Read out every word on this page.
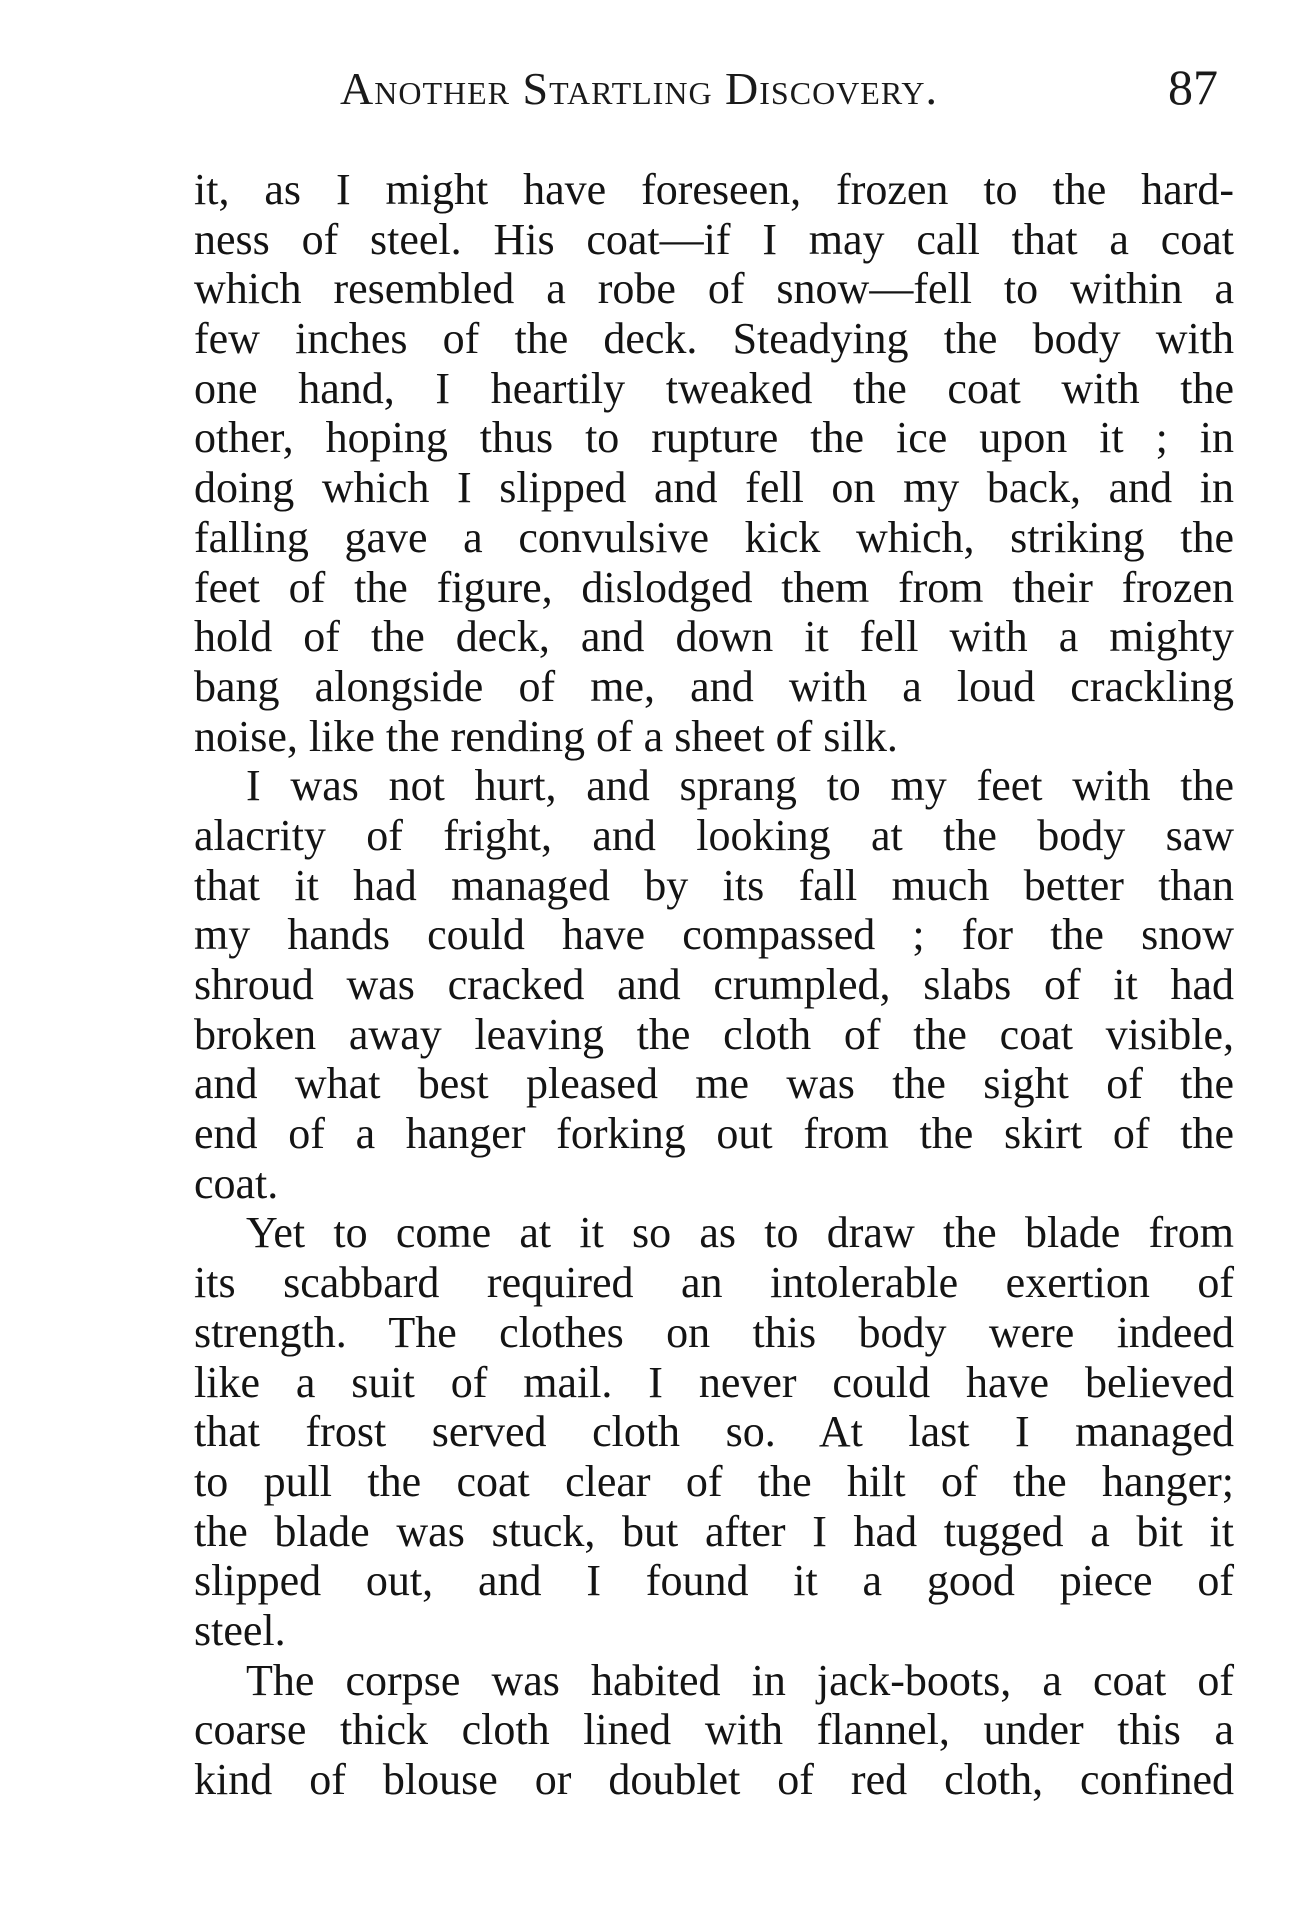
Another Startling Discovery.	87
it, as I might have foreseen, frozen to the hard-
ness of steel. His coat—if I may call that a coat
which resembled a robe of snow—fell to within a
few inches of the deck. Steadying the body with
one hand, I heartily tweaked the coat with the
other, hoping thus to rupture the ice upon it ; in
doing which I slipped and fell on my back, and in
falling gave a convulsive kick which, striking the
feet of the figure, dislodged them from their frozen
hold of the deck, and down it fell with a mighty
bang alongside of me, and with a loud crackling
noise, like the rending of a sheet of silk.
I was not hurt, and sprang to my feet with the
alacrity of fright, and looking at the body saw
that it had managed by its fall much better than
my hands could have compassed ; for the snow
shroud was cracked and crumpled, slabs of it had
broken away leaving the cloth of the coat visible,
and what best pleased me was the sight of the
end of a hanger forking out from the skirt of the
coat.
Yet to come at it so as to draw the blade from
its scabbard required an intolerable exertion of
strength. The clothes on this body were indeed
like a suit of mail. I never could have believed
that frost served cloth so. At last I managed
to pull the coat clear of the hilt of the hanger;
the blade was stuck, but after I had tugged a bit it
slipped out, and I found it a good piece of
steel.
The corpse was habited in jack-boots, a coat of
coarse thick cloth lined with flannel, under this a
kind of blouse or doublet of red cloth, confined
